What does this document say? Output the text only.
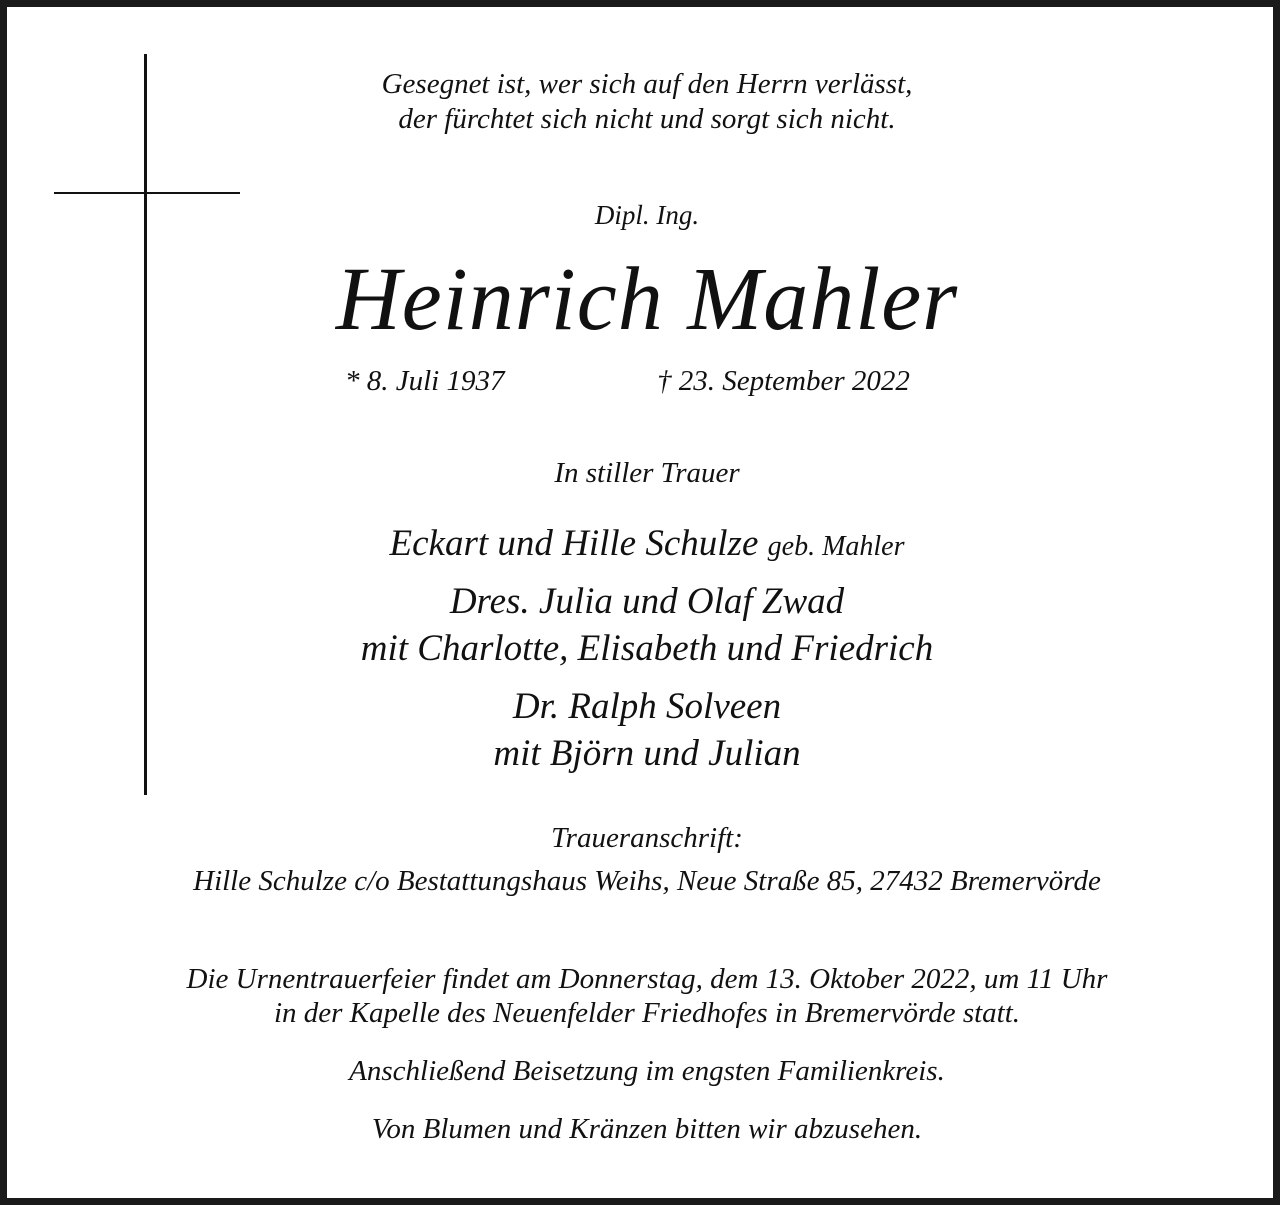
Gesegnet ist, wer sich auf den Herrn verlässt,
der fürchtet sich nicht und sorgt sich nicht.
Dipl. Ing.
Heinrich Mahler
* 8. Juli 1937	† 23. September 2022
In stiller Trauer
Eckart und Hille Schulze geb. Mahler
Dres. Julia und Olaf Zwad
mit Charlotte, Elisabeth und Friedrich
Dr. Ralph Solveen
mit Björn und Julian
Traueranschrift:
Hille Schulze c/o Bestattungshaus Weihs, Neue Straße 85, 27432 Bremervörde
Die Urnentrauerfeier findet am Donnerstag, dem 13. Oktober 2022, um 11 Uhr
in der Kapelle des Neuenfelder Friedhofes in Bremervörde statt.
Anschließend Beisetzung im engsten Familienkreis.
Von Blumen und Kränzen bitten wir abzusehen.
